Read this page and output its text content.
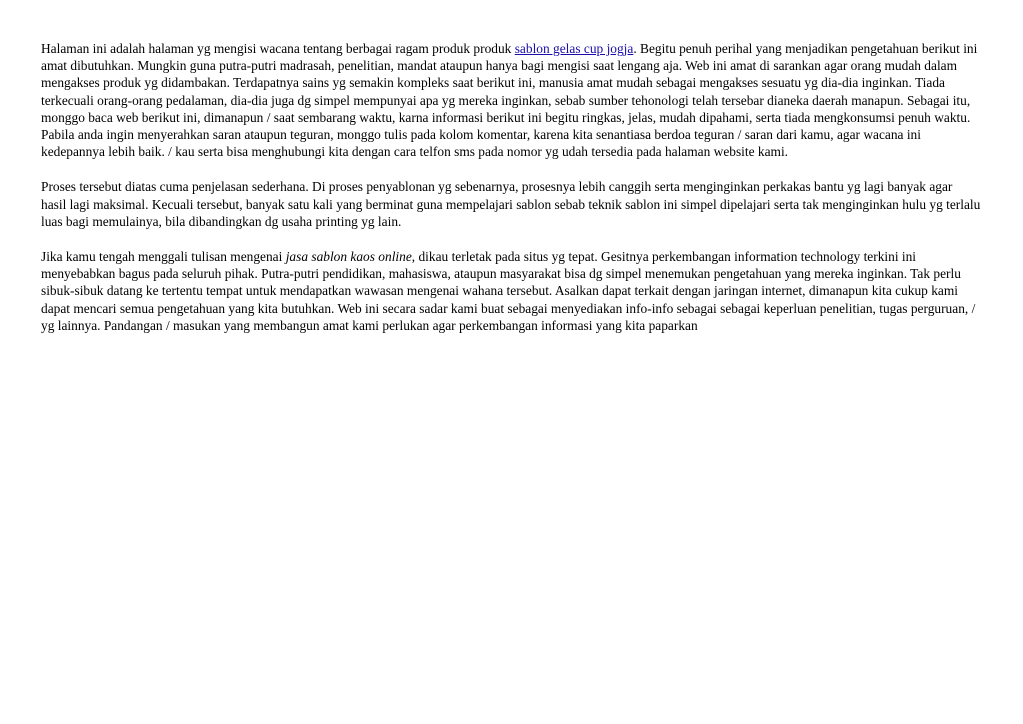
Halaman ini adalah halaman yg mengisi wacana tentang berbagai ragam produk produk sablon gelas cup jogja. Begitu penuh perihal yang menjadikan pengetahuan berikut ini amat dibutuhkan. Mungkin guna putra-putri madrasah, penelitian, mandat ataupun hanya bagi mengisi saat lengang aja. Web ini amat di sarankan agar orang mudah dalam mengakses produk yg didambakan. Terdapatnya sains yg semakin kompleks saat berikut ini, manusia amat mudah sebagai mengakses sesuatu yg dia-dia inginkan. Tiada terkecuali orang-orang pedalaman, dia-dia juga dg simpel mempunyai apa yg mereka inginkan, sebab sumber tehonologi telah tersebar dianeka daerah manapun. Sebagai itu, monggo baca web berikut ini, dimanapun / saat sembarang waktu, karna informasi berikut ini begitu ringkas, jelas, mudah dipahami, serta tiada mengkonsumsi penuh waktu. Pabila anda ingin menyerahkan saran ataupun teguran, monggo tulis pada kolom komentar, karena kita senantiasa berdoa teguran / saran dari kamu, agar wacana ini kedepannya lebih baik. / kau serta bisa menghubungi kita dengan cara telfon sms pada nomor yg udah tersedia pada halaman website kami.

Proses tersebut diatas cuma penjelasan sederhana. Di proses penyablonan yg sebenarnya, prosesnya lebih canggih serta menginginkan perkakas bantu yg lagi banyak agar hasil lagi maksimal. Kecuali tersebut, banyak satu kali yang berminat guna mempelajari sablon sebab teknik sablon ini simpel dipelajari serta tak menginginkan hulu yg terlalu luas bagi memulainya, bila dibandingkan dg usaha printing yg lain.

Jika kamu tengah menggali tulisan mengenai jasa sablon kaos online, dikau terletak pada situs yg tepat. Gesitnya perkembangan information technology terkini ini menyebabkan bagus pada seluruh pihak. Putra-putri pendidikan, mahasiswa, ataupun masyarakat bisa dg simpel menemukan pengetahuan yang mereka inginkan. Tak perlu sibuk-sibuk datang ke tertentu tempat untuk mendapatkan wawasan mengenai wahana tersebut. Asalkan dapat terkait dengan jaringan internet, dimanapun kita cukup kami dapat mencari semua pengetahuan yang kita butuhkan. Web ini secara sadar kami buat sebagai menyediakan info-info sebagai sebagai keperluan penelitian, tugas perguruan, / yg lainnya. Pandangan / masukan yang membangun amat kami perlukan agar perkembangan informasi yang kita paparkan
